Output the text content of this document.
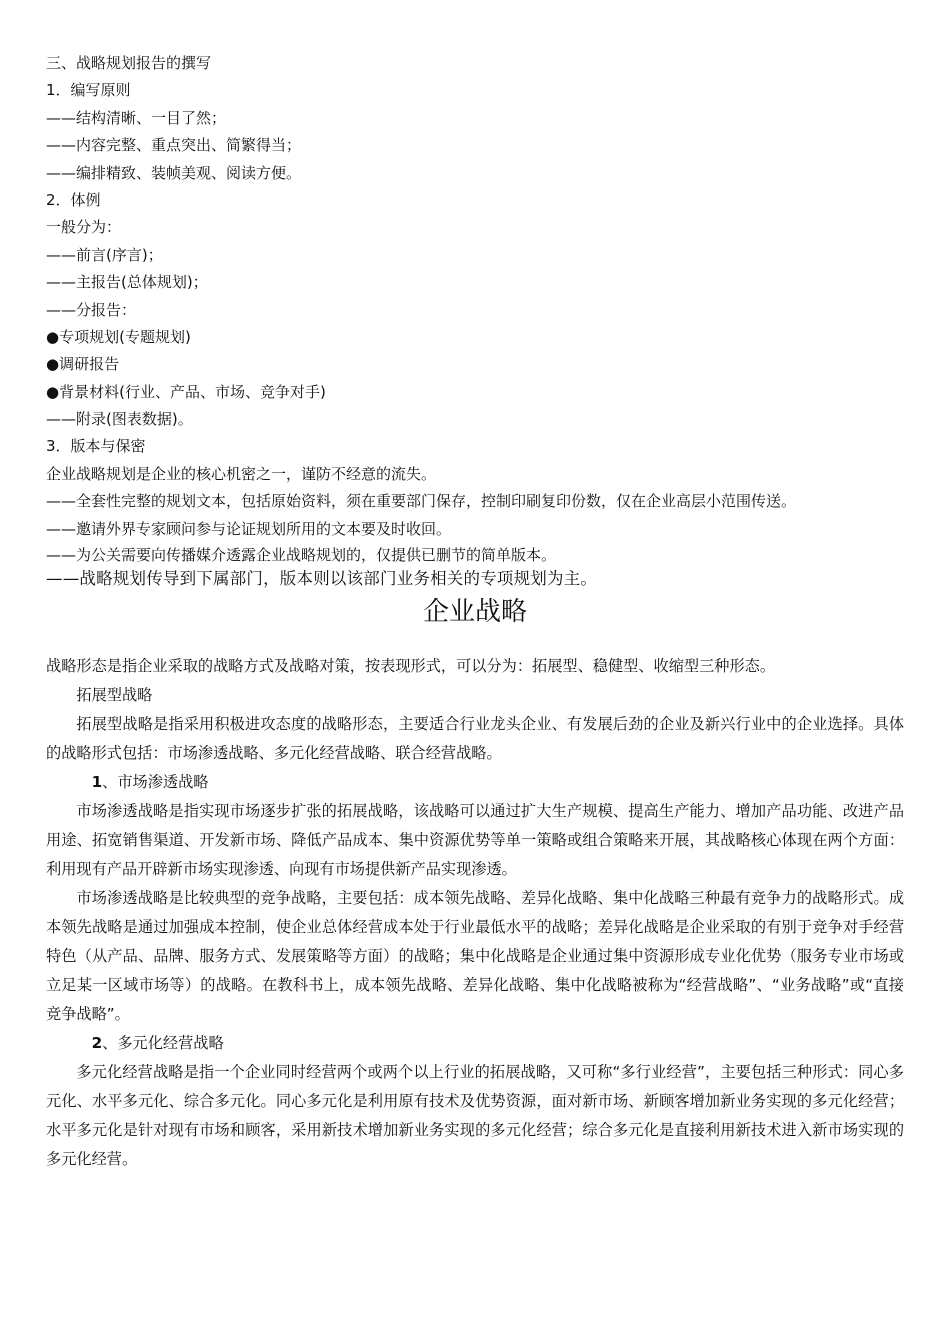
三、战略规划报告的撰写
1．编写原则
——结构清晰、一目了然；
——内容完整、重点突出、简繁得当；
——编排精致、装帧美观、阅读方便。
2．体例
一般分为：
——前言(序言)；
——主报告(总体规划)；
——分报告：
●专项规划(专题规划)
●调研报告
●背景材料(行业、产品、市场、竞争对手)
——附录(图表数据)。
3．版本与保密
企业战略规划是企业的核心机密之一，谨防不经意的流失。
——全套性完整的规划文本，包括原始资料，须在重要部门保存，控制印刷复印份数，仅在企业高层小范围传送。
——邀请外界专家顾问参与论证规划所用的文本要及时收回。
——为公关需要向传播媒介透露企业战略规划的，仅提供已删节的简单版本。
——战略规划传导到下属部门，版本则以该部门业务相关的专项规划为主。
企业战略

战略形态是指企业采取的战略方式及战略对策，按表现形式，可以分为：拓展型、稳健型、收缩型三种形态。

拓展型战略

拓展型战略是指采用积极进攻态度的战略形态，主要适合行业龙头企业、有发展后劲的企业及新兴行业中的企业选择。具体的战略形式包括：市场渗透战略、多元化经营战略、联合经营战略。

1、市场渗透战略

市场渗透战略是指实现市场逐步扩张的拓展战略，该战略可以通过扩大生产规模、提高生产能力、增加产品功能、改进产品用途、拓宽销售渠道、开发新市场、降低产品成本、集中资源优势等单一策略或组合策略来开展，其战略核心体现在两个方面：利用现有产品开辟新市场实现渗透、向现有市场提供新产品实现渗透。

市场渗透战略是比较典型的竞争战略，主要包括：成本领先战略、差异化战略、集中化战略三种最有竞争力的战略形式。成本领先战略是通过加强成本控制，使企业总体经营成本处于行业最低水平的战略；差异化战略是企业采取的有别于竞争对手经营特色（从产品、品牌、服务方式、发展策略等方面）的战略；集中化战略是企业通过集中资源形成专业化优势（服务专业市场或立足某一区域市场等）的战略。在教科书上，成本领先战略、差异化战略、集中化战略被称为“经营战略”、“业务战略”或“直接竞争战略”。

2、多元化经营战略

多元化经营战略是指一个企业同时经营两个或两个以上行业的拓展战略，又可称“多行业经营”，主要包括三种形式：同心多元化、水平多元化、综合多元化。同心多元化是利用原有技术及优势资源，面对新市场、新顾客增加新业务实现的多元化经营；水平多元化是针对现有市场和顾客，采用新技术增加新业务实现的多元化经营；综合多元化是直接利用新技术进入新市场实现的多元化经营。
